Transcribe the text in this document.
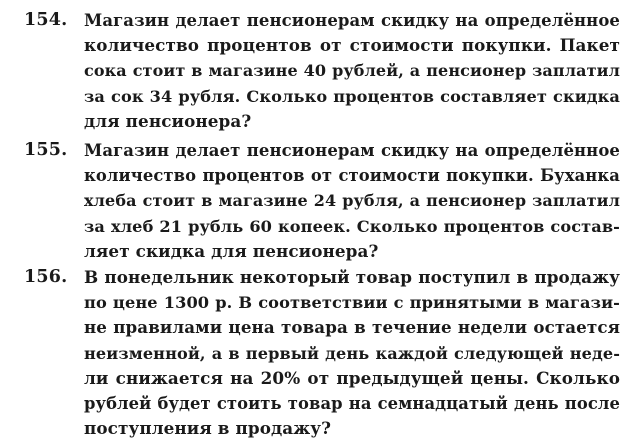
154. Магазин делает пенсионерам скидку на определённое
количество процентов от стоимости покупки. Пакет
сока стоит в магазине 40 рублей, а пенсионер заплатил
за сок 34 рубля. Сколько процентов составляет скидка
для пенсионера?
155. Магазин делает пенсионерам скидку на определённое
количество процентов от стоимости покупки. Буханка
хлеба стоит в магазине 24 рубля, а пенсионер заплатил
за хлеб 21 рубль 60 копеек. Сколько процентов состав-
ляет скидка для пенсионера?
156. В понедельник некоторый товар поступил в продажу
по цене 1300 р. В соответствии с принятыми в магази-
не правилами цена товара в течение недели остается
неизменной, а в первый день каждой следующей неде-
ли снижается на 20% от предыдущей цены. Сколько
рублей будет стоить товар на семнадцатый день после
поступления в продажу?
